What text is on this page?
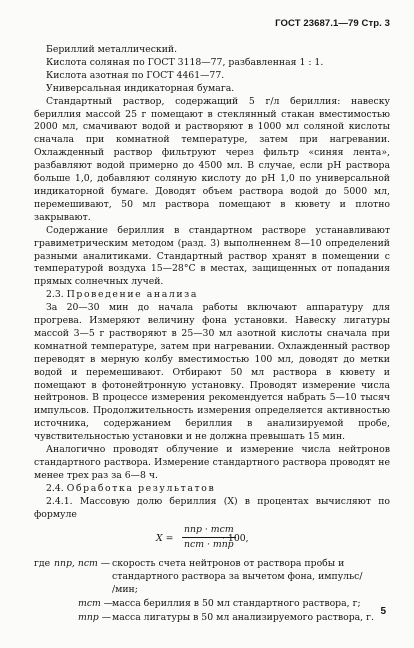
ГОСТ 23687.1—79 Стр. 3

Бериллий металлический.

Кислота соляная по ГОСТ 3118—77, разбавленная 1 : 1.

Кислота азотная по ГОСТ 4461—77.

Универсальная индикаторная бумага.

Стандартный раствор, содержащий 5 г/л бериллия: навеску бериллия массой 25 г помещают в стеклянный стакан вместимостью 2000 мл, смачивают водой и растворяют в 1000 мл соляной кислоты сначала при комнатной температуре, затем при нагревании. Охлажденный раствор фильтруют через фильтр «синяя лента», разбавляют водой примерно до 4500 мл. В случае, если pH раствора больше 1,0, добавляют соляную кислоту до pH 1,0 по универсальной индикаторной бумаге. Доводят объем раствора водой до 5000 мл, перемешивают, 50 мл раствора помещают в кювету и плотно закрывают.

Содержание бериллия в стандартном растворе устанавливают гравиметрическим методом (разд. 3) выполненнем 8—10 определений разными аналитиками. Стандартный раствор хранят в помещении с температурой воздуха 15—28°С в местах, защищенных от попадания прямых солнечных лучей.

2.3. Проведение анализа

За 20—30 мин до начала работы включают аппаратуру для прогрева. Измеряют величину фона установки. Навеску лигатуры массой 3—5 г растворяют в 25—30 мл азотной кислоты сначала при комнатной температуре, затем при нагревании. Охлажденный раствор переводят в мерную колбу вместимостью 100 мл, доводят до метки водой и перемешивают. Отбирают 50 мл раствора в кювету и помещают в фотонейтронную установку. Проводят измерение числа нейтронов. В процессе измерения рекомендуется набрать 5—10 тысяч импульсов. Продолжительность измерения определяется активностью источника, содержанием бериллия в анализируемой пробе, чувствительностью установки и не должна превышать 15 мин.

Аналогично проводят облучение и измерение числа нейтронов стандартного раствора. Измерение стандартного раствора проводят не менее трех раз за 6—8 ч.

2.4. Обработка результатов

2.4.1. Массовую долю бериллия (X) в процентах вычисляют по формуле

X =
nпр · mст
nст · mпр
· 100,
где nпр, nст — скорость счета нейтронов от раствора пробы и
стандартного раствора за вычетом фона, импульс/
/мин;
mст —
масса бериллия в 50 мл стандартного раствора, г;
mпр — масса лигатуры в 50 мл анализируемого раствора, г.
5
